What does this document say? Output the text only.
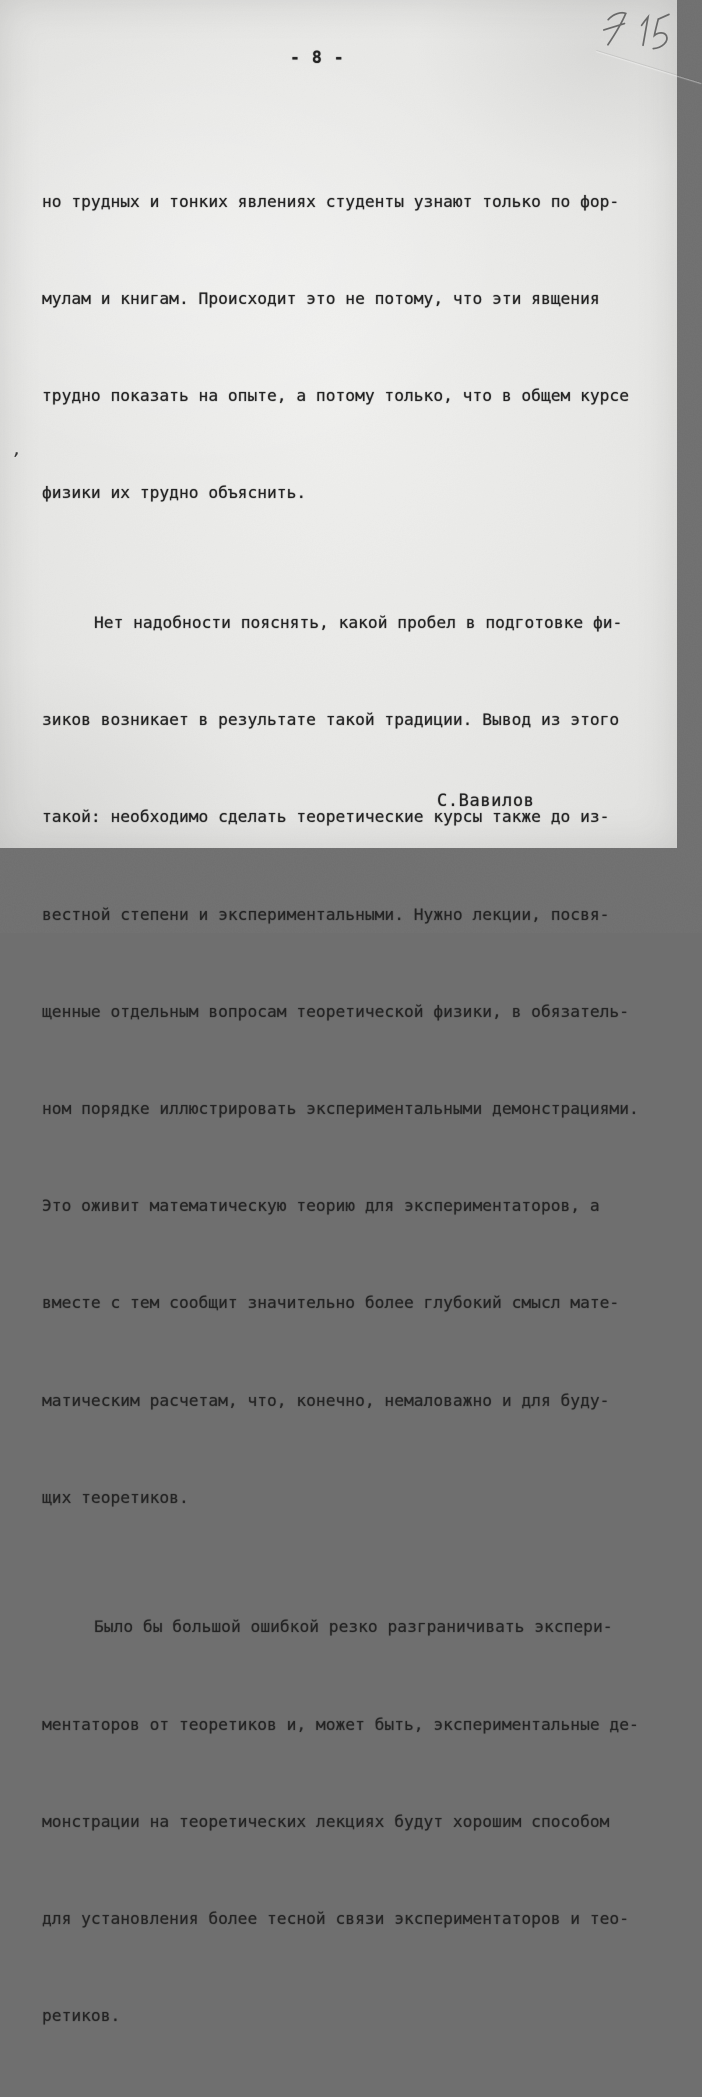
- 8 -

но трудных и тонких явлениях студенты узнают только по фор-

мулам и книгам. Происходит это не потому, что эти явщения

трудно показать на опыте, а потому только, что в общем курсе

физики их трудно объяснить.

Нет надобности пояснять, какой пробел в подготовке фи-

зиков возникает в результате такой традиции. Вывод из этого

такой: необходимо сделать теоретические курсы также до из-

вестной степени и экспериментальными. Нужно лекции, посвя-

щенные отдельным вопросам теоретической физики, в обязатель-

ном порядке иллюстрировать экспериментальными демонстрациями.

Это оживит математическую теорию для экспериментаторов, а

вместе с тем сообщит значительно более глубокий смысл мате-

матическим расчетам, что, конечно, немаловажно и для буду-

щих теоретиков.

Было бы большой ошибкой резко разграничивать экспери-

ментаторов от теоретиков и, может быть, экспериментальные де-

монстрации на теоретических лекциях будут хорошим способом

для установления более тесной связи экспериментаторов и тео-

ретиков.

’
С.Вавилов
